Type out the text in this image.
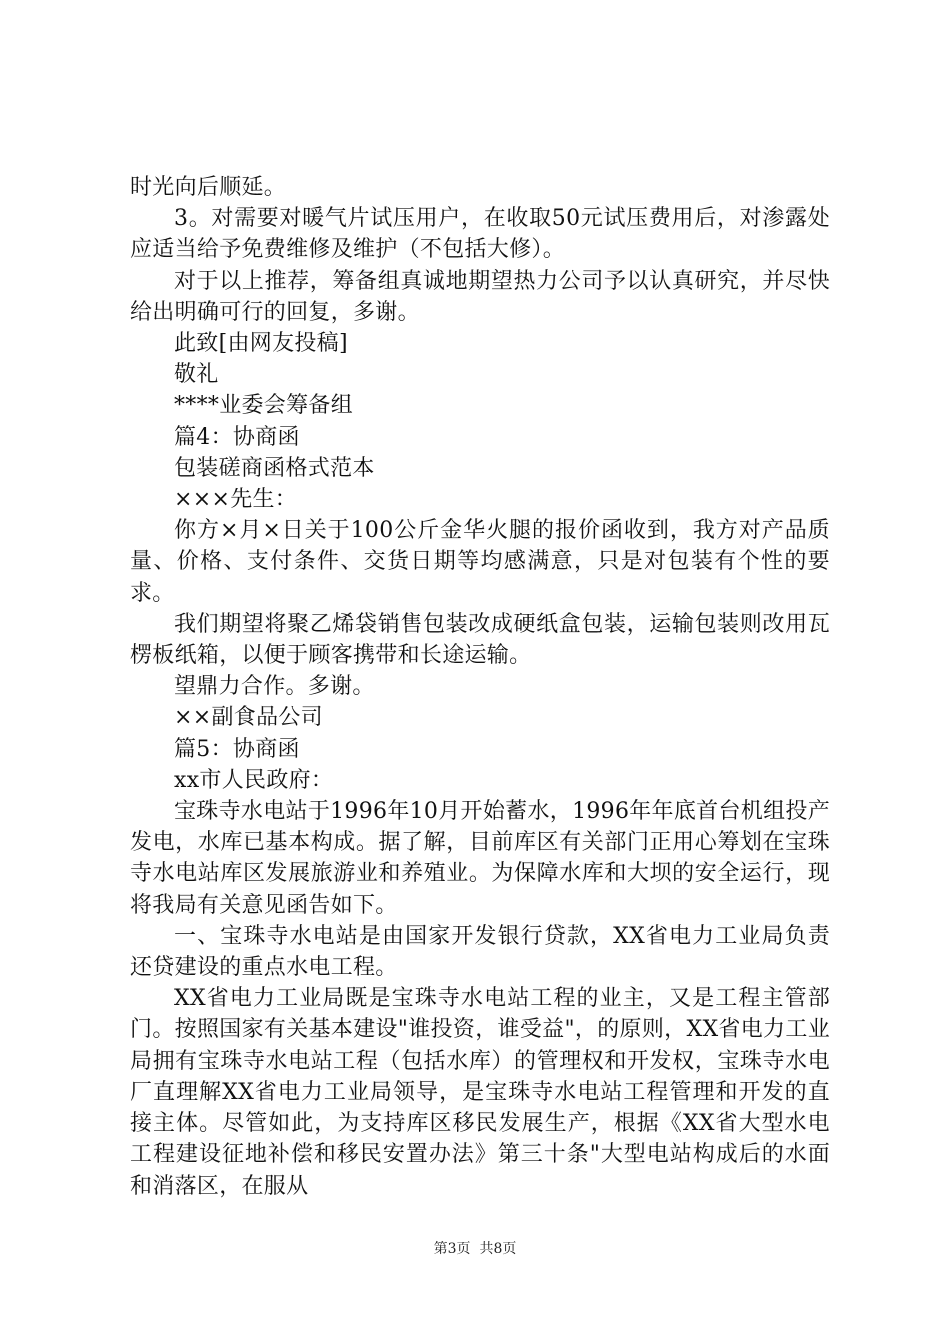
时光向后顺延。

3。对需要对暖气片试压用户，在收取50元试压费用后，对渗露处应适当给予免费维修及维护（不包括大修）。

对于以上推荐，筹备组真诚地期望热力公司予以认真研究，并尽快给出明确可行的回复，多谢。

此致[由网友投稿]

敬礼

****业委会筹备组

篇4：协商函

包装磋商函格式范本

×××先生：

你方×月×日关于100公斤金华火腿的报价函收到，我方对产品质量、价格、支付条件、交货日期等均感满意，只是对包装有个性的要求。

我们期望将聚乙烯袋销售包装改成硬纸盒包装，运输包装则改用瓦楞板纸箱，以便于顾客携带和长途运输。

望鼎力合作。多谢。

××副食品公司

篇5：协商函

xx市人民政府：

宝珠寺水电站于1996年10月开始蓄水，1996年年底首台机组投产发电，水库已基本构成。据了解，目前库区有关部门正用心筹划在宝珠寺水电站库区发展旅游业和养殖业。为保障水库和大坝的安全运行，现将我局有关意见函告如下。

一、宝珠寺水电站是由国家开发银行贷款，XX省电力工业局负责还贷建设的重点水电工程。

XX省电力工业局既是宝珠寺水电站工程的业主，又是工程主管部门。按照国家有关基本建设"谁投资，谁受益"，的原则，XX省电力工业局拥有宝珠寺水电站工程（包括水库）的管理权和开发权，宝珠寺水电厂直理解XX省电力工业局领导，是宝珠寺水电站工程管理和开发的直接主体。尽管如此，为支持库区移民发展生产，根据《XX省大型水电工程建设征地补偿和移民安置办法》第三十条"大型电站构成后的水面和消落区，在服从

第3页  共8页
